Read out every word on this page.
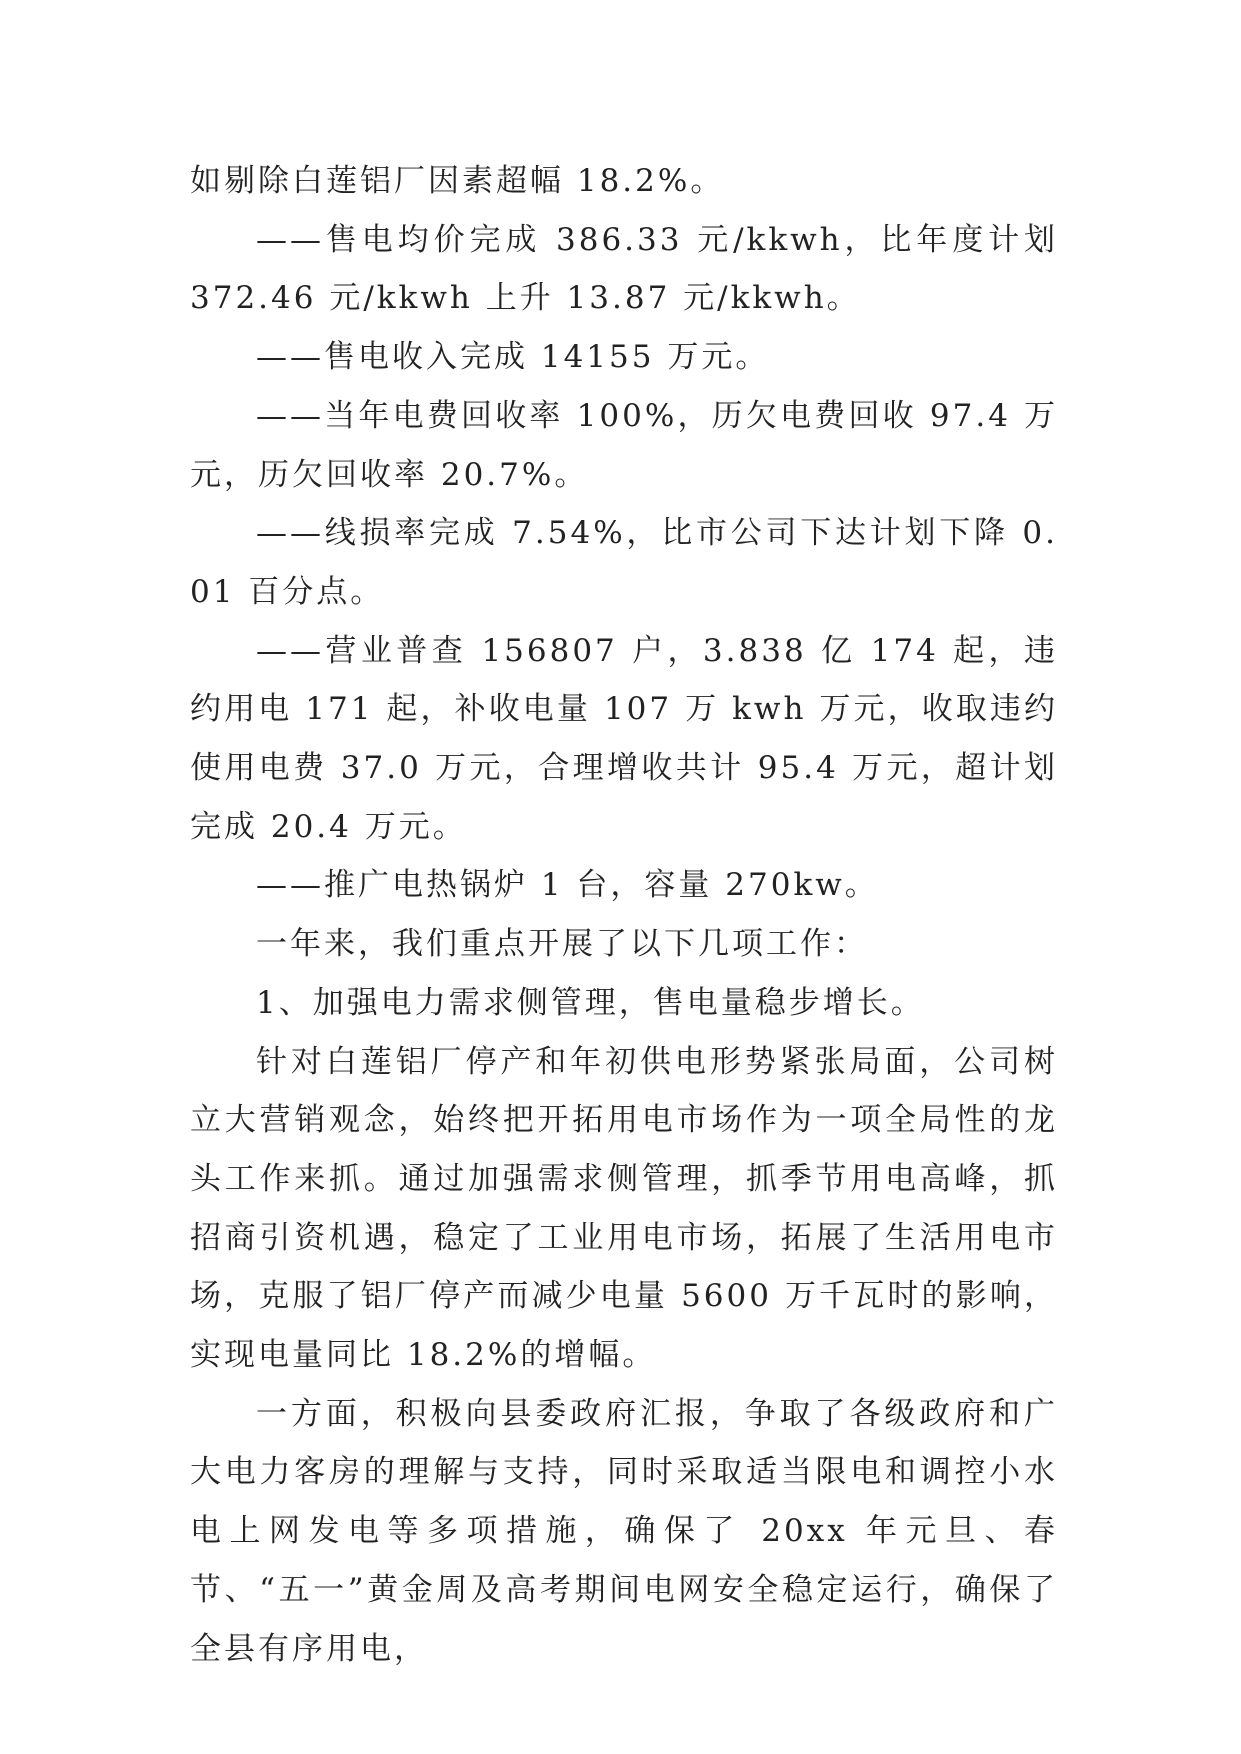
如剔除白莲铝厂因素超幅 18.2%。

——售电均价完成 386.33 元/kkwh，比年度计划 372.46 元/kkwh 上升 13.87 元/kkwh。

——售电收入完成 14155 万元。

——当年电费回收率 100%，历欠电费回收 97.4 万元，历欠回收率 20.7%。

——线损率完成 7.54%，比市公司下达计划下降 0.01 百分点。

——营业普查 156807 户，3.838 亿 174 起，违约用电 171 起，补收电量 107 万 kwh 万元，收取违约使用电费 37.0 万元，合理增收共计 95.4 万元，超计划完成 20.4 万元。

——推广电热锅炉 1 台，容量 270kw。

一年来，我们重点开展了以下几项工作：

1、加强电力需求侧管理，售电量稳步增长。

针对白莲铝厂停产和年初供电形势紧张局面，公司树立大营销观念，始终把开拓用电市场作为一项全局性的龙头工作来抓。通过加强需求侧管理，抓季节用电高峰，抓招商引资机遇，稳定了工业用电市场，拓展了生活用电市场，克服了铝厂停产而减少电量 5600 万千瓦时的影响，实现电量同比 18.2%的增幅。

一方面，积极向县委政府汇报，争取了各级政府和广大电力客房的理解与支持，同时采取适当限电和调控小水电上网发电等多项措施，确保了 20xx 年元旦、春节、“五一”黄金周及高考期间电网安全稳定运行，确保了全县有序用电，
